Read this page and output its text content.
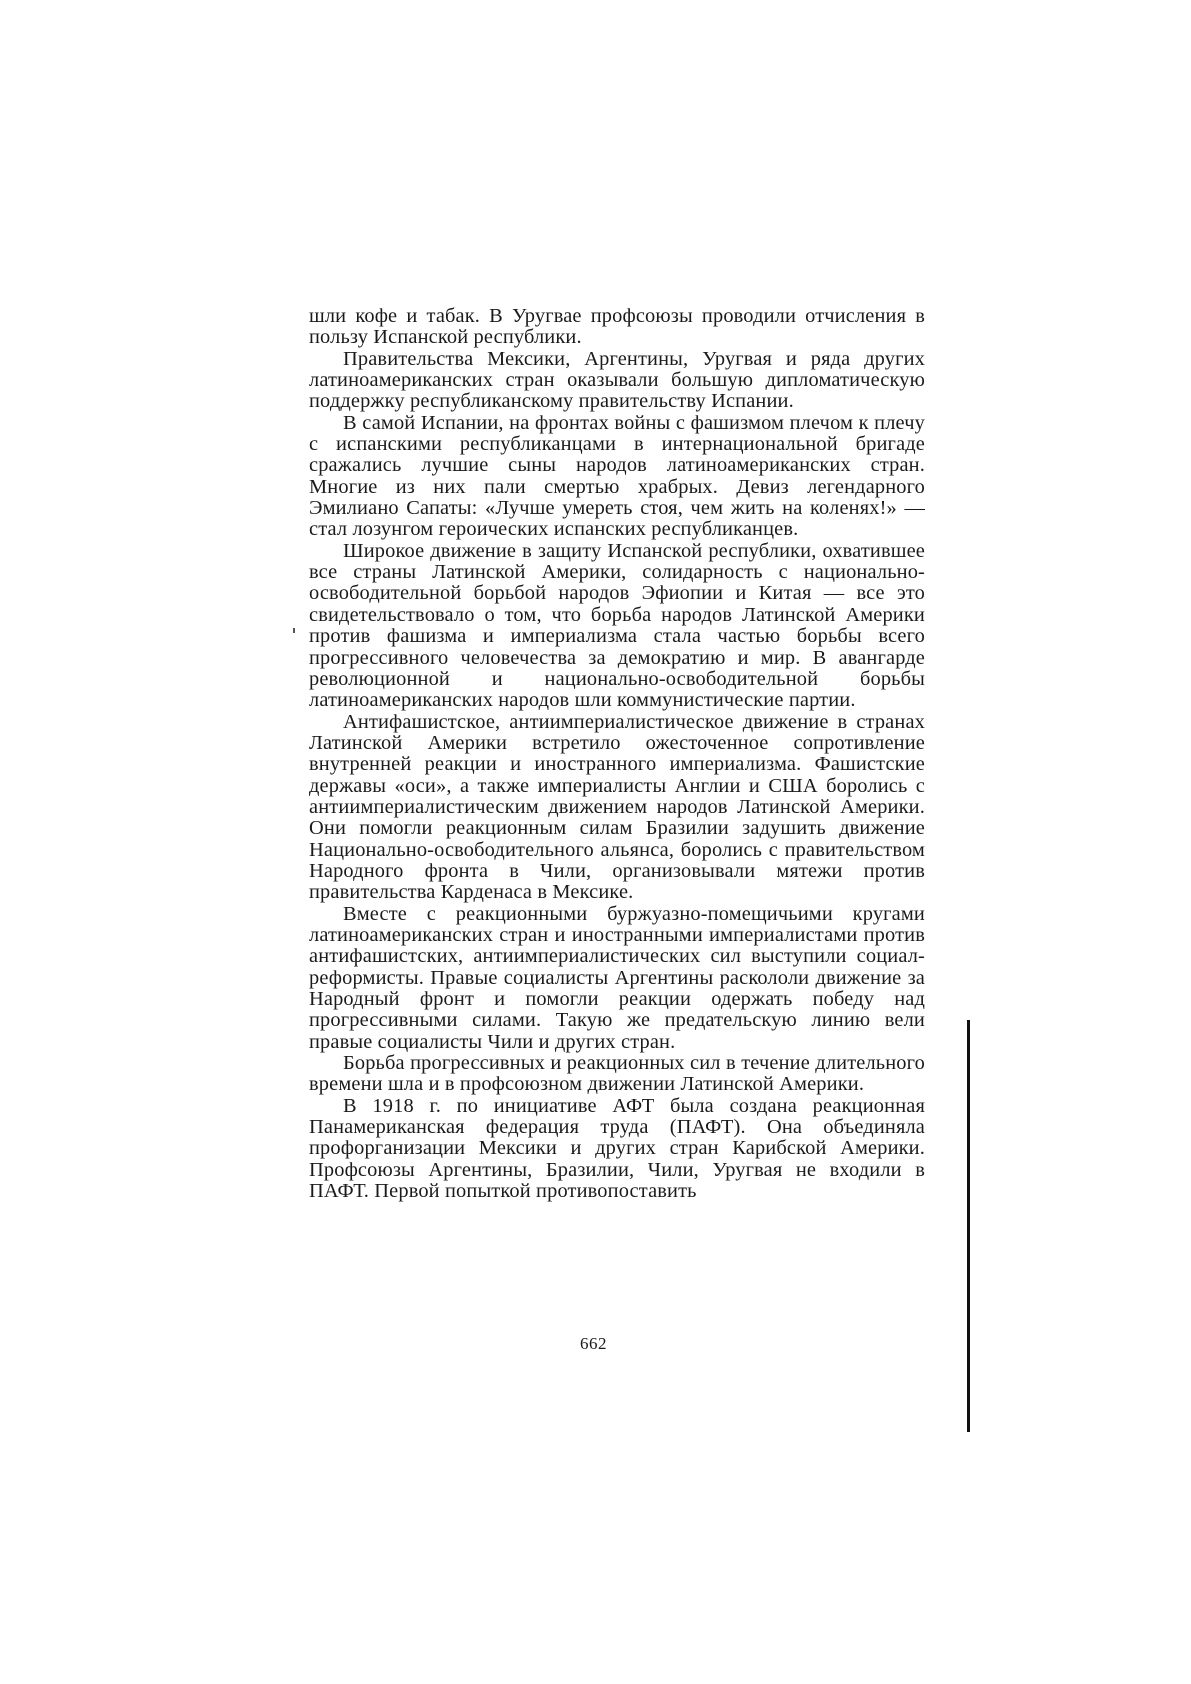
шли кофе и табак. В Уругвае профсоюзы проводили отчисления в пользу Испанской республики.

Правительства Мексики, Аргентины, Уругвая и ряда других латиноамериканских стран оказывали большую дипломатическую поддержку республиканскому правительству Испании.

В самой Испании, на фронтах войны с фашизмом плечом к плечу с испанскими республиканцами в интернациональной бригаде сражались лучшие сыны народов латиноамериканских стран. Многие из них пали смертью храбрых. Девиз легендарного Эмилиано Сапаты: «Лучше умереть стоя, чем жить на коленях!» — стал лозунгом героических испанских республиканцев.

Широкое движение в защиту Испанской республики, охватившее все страны Латинской Америки, солидарность с национально-освободительной борьбой народов Эфиопии и Китая — все это свидетельствовало о том, что борьба народов Латинской Америки против фашизма и империализма стала частью борьбы всего прогрессивного человечества за демократию и мир. В авангарде революционной и национально-освободительной борьбы латиноамериканских народов шли коммунистические партии.

Антифашистское, антиимпериалистическое движение в странах Латинской Америки встретило ожесточенное сопротивление внутренней реакции и иностранного империализма. Фашистские державы «оси», а также империалисты Англии и США боролись с антиимпериалистическим движением народов Латинской Америки. Они помогли реакционным силам Бразилии задушить движение Национально-освободительного альянса, боролись с правительством Народного фронта в Чили, организовывали мятежи против правительства Карденаса в Мексике.

Вместе с реакционными буржуазно-помещичьими кругами латиноамериканских стран и иностранными империалистами против антифашистских, антиимпериалистических сил выступили социал-реформисты. Правые социалисты Аргентины раскололи движение за Народный фронт и помогли реакции одержать победу над прогрессивными силами. Такую же предательскую линию вели правые социалисты Чили и других стран.

Борьба прогрессивных и реакционных сил в течение длительного времени шла и в профсоюзном движении Латинской Америки.

В 1918 г. по инициативе АФТ была создана реакционная Панамериканская федерация труда (ПАФТ). Она объединяла профорганизации Мексики и других стран Карибской Америки. Профсоюзы Аргентины, Бразилии, Чили, Уругвая не входили в ПАФТ. Первой попыткой противопоставить

662
